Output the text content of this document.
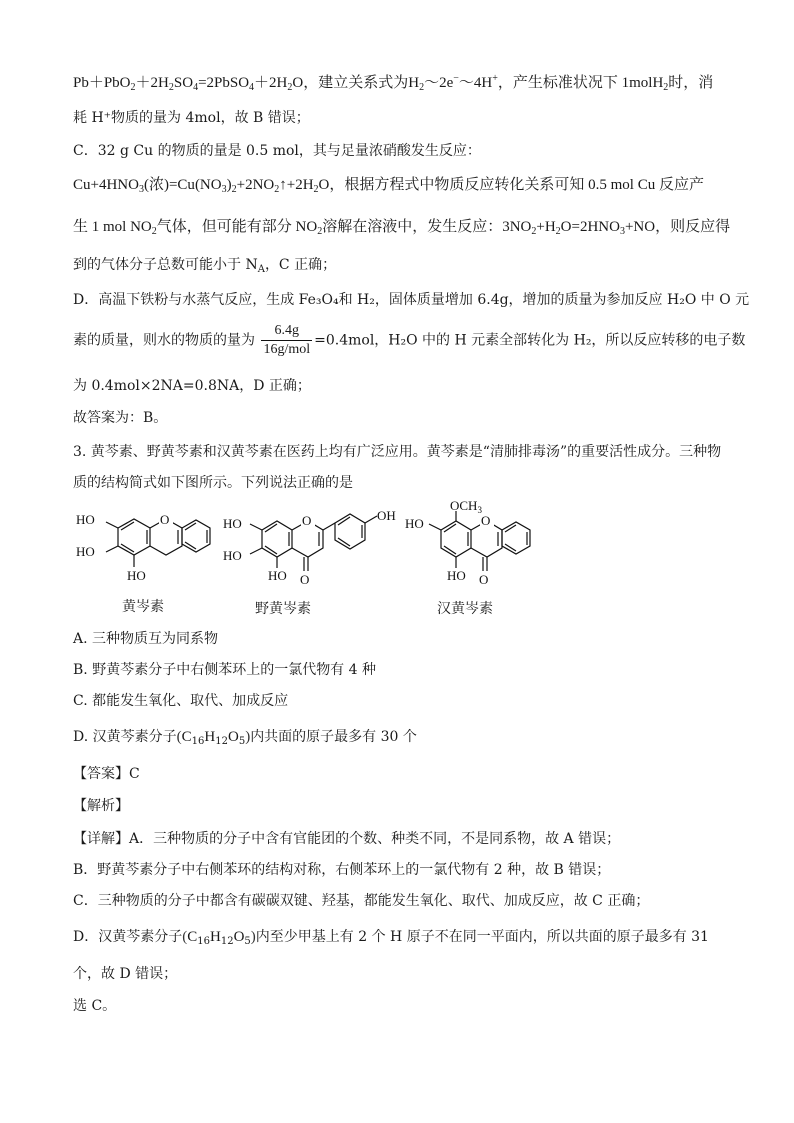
$Pb+PbO_2+2H_2SO_4=2PbSO_4+2H_2O$，建立关系式为$H_2\sim 2e^-\sim 4H^+$，产生标准状况下 1molH$_2$时，消
耗 H⁺物质的量为 4mol，故 B 错误；
C．32 g Cu 的物质的量是 0.5 mol，其与足量浓硝酸发生反应：
$Cu+4HNO_3$(浓)$=Cu(NO_3)_2+2NO_2↑+2H_2O$，根据方程式中物质反应转化关系可知 0.5 mol Cu 反应产
生 1 mol $NO_2$气体，但可能有部分 $NO_2$溶解在溶液中，发生反应：$3NO_2+H_2O=2HNO_3+NO$，则反应得
到的气体分子总数可能小于 $N_A$，C 正确；
D．高温下铁粉与水蒸气反应，生成 Fe₃O₄和 H₂，固体质量增加 6.4g，增加的质量为参加反应 H₂O 中 O 元
素的质量，则水的物质的量为 $\frac{6.4g}{\text{16g/mol}} =0.4mol$，H₂O 中的 H 元素全部转化为 H₂，所以反应转移的电子数
为 0.4mol×2NA=0.8NA，D 正确；
故答案为：B。
3. 黄芩素、野黄芩素和汉黄芩素在医药上均有广泛应用。黄芩素是“清肺排毒汤”的重要活性成分。三种物
质的结构简式如下图所示。下列说法正确的是
O
HO
HO
HO
黄岑素
O	OH
HO
HO
HO O
野黄岑素
O
$OCH_3$
HO
HO O
汉黄岑素
A. 三种物质互为同系物
B. 野黄芩素分子中右侧苯环上的一氯代物有 4 种
C. 都能发生氧化、取代、加成反应
D. 汉黄芩素分子$(C_{16}H_{12}O_5)$内共面的原子最多有 30 个
【答案】C
【解析】
【详解】A．三种物质的分子中含有官能团的个数、种类不同，不是同系物，故 A 错误；
B．野黄芩素分子中右侧苯环的结构对称，右侧苯环上的一氯代物有 2 种，故 B 错误；
C．三种物质的分子中都含有碳碳双键、羟基，都能发生氧化、取代、加成反应，故 C 正确；
D．汉黄芩素分子$(C_{16}H_{12}O_5)$内至少甲基上有 2 个 H 原子不在同一平面内，所以共面的原子最多有 31
个，故 D 错误；
选 C。
